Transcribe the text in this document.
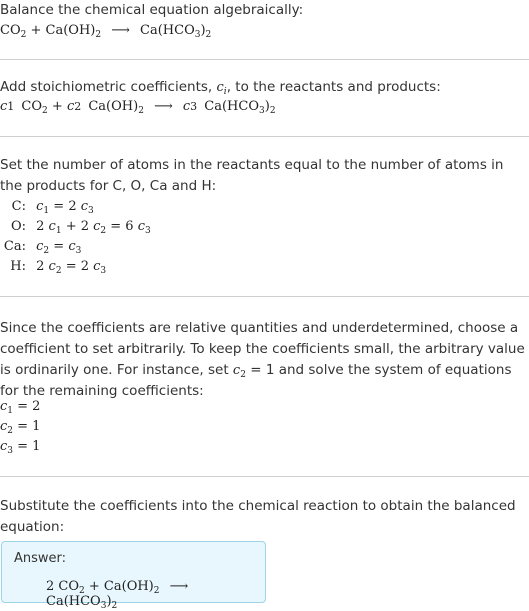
Balance the chemical equation algebraically:
$CO_2 + Ca(OH)_2$ ⟶ $Ca(HCO_3)_2$
Add stoichiometric coefficients, $c_i$, to the reactants and products:
c1 $CO_2 + c2$ $Ca(OH)_2$ ⟶ c3 $Ca(HCO_3)_2$
Set the number of atoms in the reactants equal to the number of atoms in the products for C, O, Ca and H:
C: $c_1 = 2$ $c_3$
O: 2 $c_1 + 2$ $c_2 = 6$ $c_3$
Ca: $c_2 = c_3$
H: 2 $c_2 = 2$ $c_3$
Since the coefficients are relative quantities and underdetermined, choose a coefficient to set arbitrarily. To keep the coefficients small, the arbitrary value is ordinarily one. For instance, set $c_2 = 1$ and solve the system of equations for the remaining coefficients:
$c_1 = 2$
$c_2 = 1$
$c_3 = 1$
Substitute the coefficients into the chemical reaction to obtain the balanced equation:
Answer:
2 $CO_2 + Ca(OH)_2$ ⟶ $Ca(HCO_3)_2$
